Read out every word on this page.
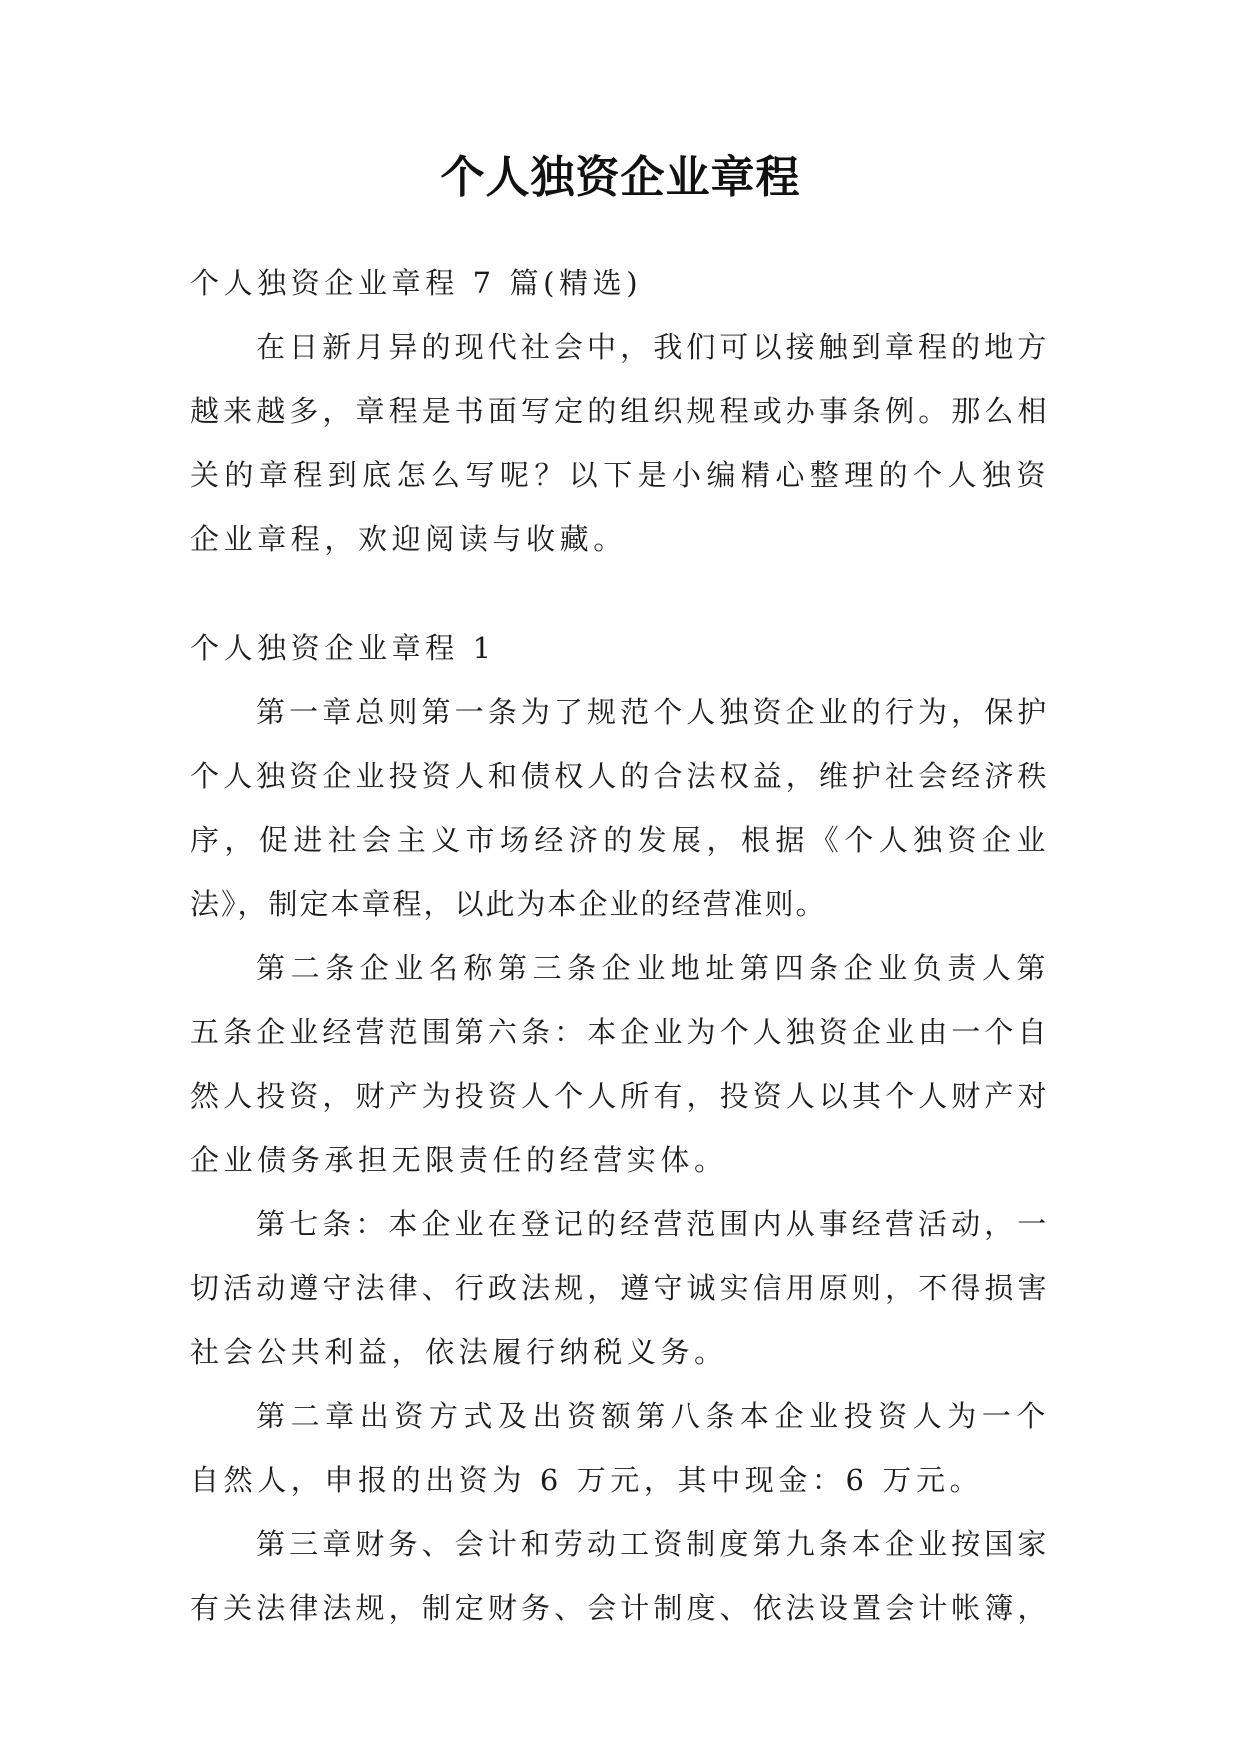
个人独资企业章程
个人独资企业章程 7 篇(精选)
在日新月异的现代社会中，我们可以接触到章程的地方
越来越多，章程是书面写定的组织规程或办事条例。那么相
关的章程到底怎么写呢？以下是小编精心整理的个人独资
企业章程，欢迎阅读与收藏。
个人独资企业章程 1
第一章总则第一条为了规范个人独资企业的行为，保护
个人独资企业投资人和债权人的合法权益，维护社会经济秩
序，促进社会主义市场经济的发展，根据《个人独资企业
法》，制定本章程，以此为本企业的经营准则。
第二条企业名称第三条企业地址第四条企业负责人第
五条企业经营范围第六条：本企业为个人独资企业由一个自
然人投资，财产为投资人个人所有，投资人以其个人财产对
企业债务承担无限责任的经营实体。
第七条：本企业在登记的经营范围内从事经营活动，一
切活动遵守法律、行政法规，遵守诚实信用原则，不得损害
社会公共利益，依法履行纳税义务。
第二章出资方式及出资额第八条本企业投资人为一个
自然人，申报的出资为 6 万元，其中现金：6 万元。
第三章财务、会计和劳动工资制度第九条本企业按国家
有关法律法规，制定财务、会计制度、依法设置会计帐簿，
